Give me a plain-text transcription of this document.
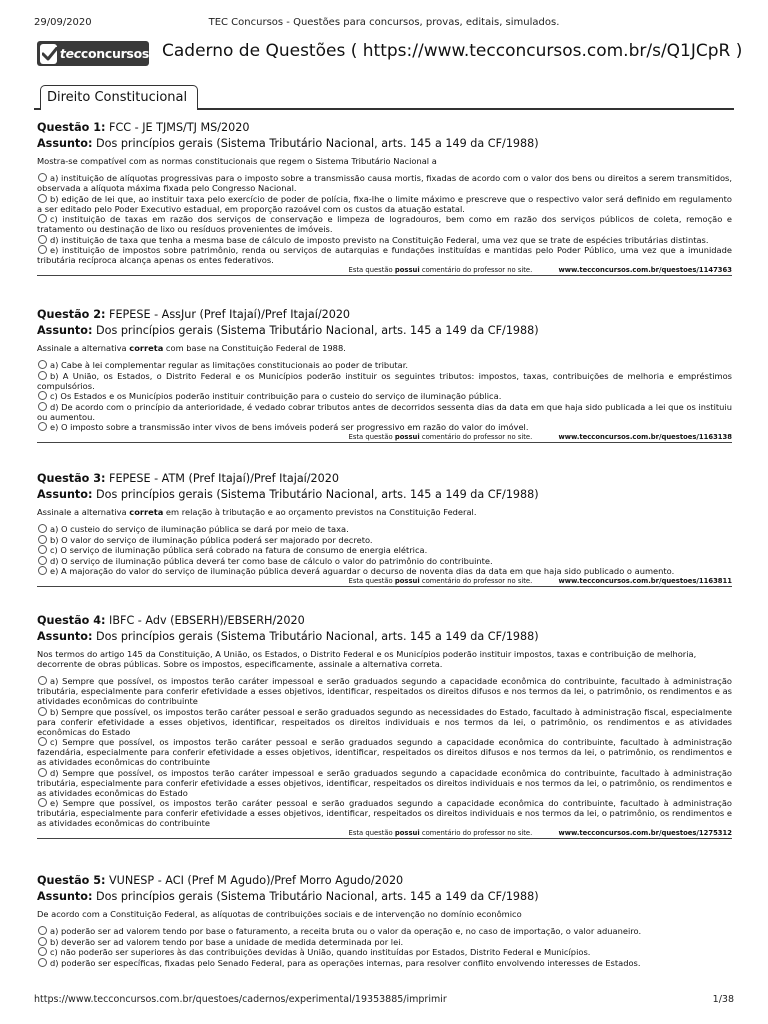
29/09/2020	TEC Concursos - Questões para concursos, provas, editais, simulados.
tecconcursos Caderno de Questões ( https://www.tecconcursos.com.br/s/Q1JCpR )
Direito Constitucional
Questão 1: FCC - JE TJMS/TJ MS/2020
Assunto: Dos princípios gerais (Sistema Tributário Nacional, arts. 145 a 149 da CF/1988)
Mostra-se compatível com as normas constitucionais que regem o Sistema Tributário Nacional a
a) instituição de alíquotas progressivas para o imposto sobre a transmissão causa mortis, fixadas de acordo com o valor dos bens ou direitos a serem transmitidos, observada a alíquota máxima fixada pelo Congresso Nacional.
b) edição de lei que, ao instituir taxa pelo exercício de poder de polícia, fixa-lhe o limite máximo e prescreve que o respectivo valor será definido em regulamento a ser editado pelo Poder Executivo estadual, em proporção razoável com os custos da atuação estatal.
c) instituição de taxas em razão dos serviços de conservação e limpeza de logradouros, bem como em razão dos serviços públicos de coleta, remoção e tratamento ou destinação de lixo ou resíduos provenientes de imóveis.
d) instituição de taxa que tenha a mesma base de cálculo de imposto previsto na Constituição Federal, uma vez que se trate de espécies tributárias distintas.
e) instituição de impostos sobre patrimônio, renda ou serviços de autarquias e fundações instituídas e mantidas pelo Poder Público, uma vez que a imunidade tributária recíproca alcança apenas os entes federativos.
Esta questão possui comentário do professor no site.	www.tecconcursos.com.br/questoes/1147363
Questão 2: FEPESE - AssJur (Pref Itajaí)/Pref Itajaí/2020
Assunto: Dos princípios gerais (Sistema Tributário Nacional, arts. 145 a 149 da CF/1988)
Assinale a alternativa correta com base na Constituição Federal de 1988.
a) Cabe à lei complementar regular as limitações constitucionais ao poder de tributar.
b) A União, os Estados, o Distrito Federal e os Municípios poderão instituir os seguintes tributos: impostos, taxas, contribuições de melhoria e empréstimos compulsórios.
c) Os Estados e os Municípios poderão instituir contribuição para o custeio do serviço de iluminação pública.
d) De acordo com o princípio da anterioridade, é vedado cobrar tributos antes de decorridos sessenta dias da data em que haja sido publicada a lei que os instituiu ou aumentou.
e) O imposto sobre a transmissão inter vivos de bens imóveis poderá ser progressivo em razão do valor do imóvel.
Esta questão possui comentário do professor no site.	www.tecconcursos.com.br/questoes/1163138
Questão 3: FEPESE - ATM (Pref Itajaí)/Pref Itajaí/2020
Assunto: Dos princípios gerais (Sistema Tributário Nacional, arts. 145 a 149 da CF/1988)
Assinale a alternativa correta em relação à tributação e ao orçamento previstos na Constituição Federal.
a) O custeio do serviço de iluminação pública se dará por meio de taxa.
b) O valor do serviço de iluminação pública poderá ser majorado por decreto.
c) O serviço de iluminação pública será cobrado na fatura de consumo de energia elétrica.
d) O serviço de iluminação pública deverá ter como base de cálculo o valor do patrimônio do contribuinte.
e) A majoração do valor do serviço de iluminação pública deverá aguardar o decurso de noventa dias da data em que haja sido publicado o aumento.
Esta questão possui comentário do professor no site.	www.tecconcursos.com.br/questoes/1163811
Questão 4: IBFC - Adv (EBSERH)/EBSERH/2020
Assunto: Dos princípios gerais (Sistema Tributário Nacional, arts. 145 a 149 da CF/1988)
Nos termos do artigo 145 da Constituição, A União, os Estados, o Distrito Federal e os Municípios poderão instituir impostos, taxas e contribuição de melhoria, decorrente de obras públicas. Sobre os impostos, especificamente, assinale a alternativa correta.
a) Sempre que possível, os impostos terão caráter impessoal e serão graduados segundo a capacidade econômica do contribuinte, facultado à administração tributária, especialmente para conferir efetividade a esses objetivos, identificar, respeitados os direitos difusos e nos termos da lei, o patrimônio, os rendimentos e as atividades econômicas do contribuinte
b) Sempre que possível, os impostos terão caráter pessoal e serão graduados segundo as necessidades do Estado, facultado à administração fiscal, especialmente para conferir efetividade a esses objetivos, identificar, respeitados os direitos individuais e nos termos da lei, o patrimônio, os rendimentos e as atividades econômicas do Estado
c) Sempre que possível, os impostos terão caráter pessoal e serão graduados segundo a capacidade econômica do contribuinte, facultado à administração fazendária, especialmente para conferir efetividade a esses objetivos, identificar, respeitados os direitos difusos e nos termos da lei, o patrimônio, os rendimentos e as atividades econômicas do contribuinte
d) Sempre que possível, os impostos terão caráter impessoal e serão graduados segundo a capacidade econômica do contribuinte, facultado à administração tributária, especialmente para conferir efetividade a esses objetivos, identificar, respeitados os direitos individuais e nos termos da lei, o patrimônio, os rendimentos e as atividades econômicas do Estado
e) Sempre que possível, os impostos terão caráter pessoal e serão graduados segundo a capacidade econômica do contribuinte, facultado à administração tributária, especialmente para conferir efetividade a esses objetivos, identificar, respeitados os direitos individuais e nos termos da lei, o patrimônio, os rendimentos e as atividades econômicas do contribuinte
Esta questão possui comentário do professor no site.	www.tecconcursos.com.br/questoes/1275312
Questão 5: VUNESP - ACI (Pref M Agudo)/Pref Morro Agudo/2020
Assunto: Dos princípios gerais (Sistema Tributário Nacional, arts. 145 a 149 da CF/1988)
De acordo com a Constituição Federal, as alíquotas de contribuições sociais e de intervenção no domínio econômico
a) poderão ser ad valorem tendo por base o faturamento, a receita bruta ou o valor da operação e, no caso de importação, o valor aduaneiro.
b) deverão ser ad valorem tendo por base a unidade de medida determinada por lei.
c) não poderão ser superiores às das contribuições devidas à União, quando instituídas por Estados, Distrito Federal e Municípios.
d) poderão ser específicas, fixadas pelo Senado Federal, para as operações internas, para resolver conflito envolvendo interesses de Estados.
https://www.tecconcursos.com.br/questoes/cadernos/experimental/19353885/imprimir	1/38
